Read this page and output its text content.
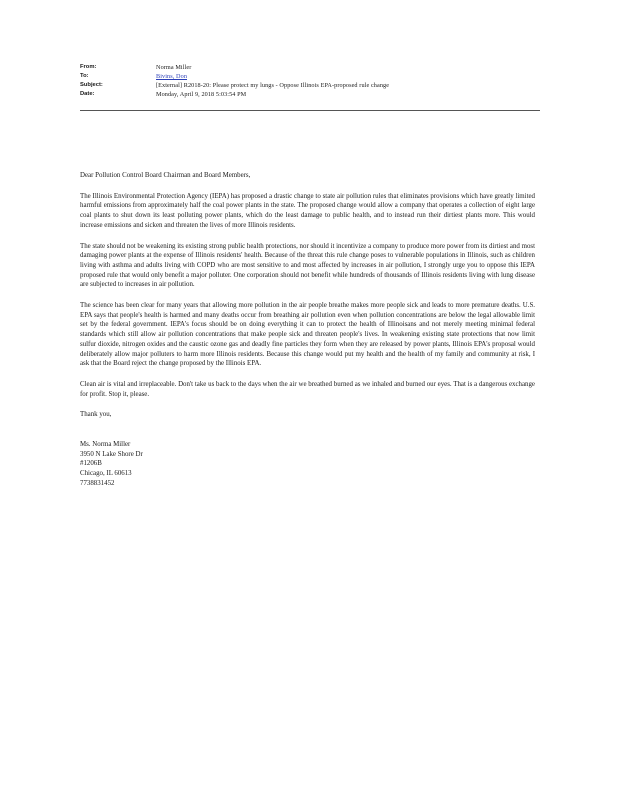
From:	Norma Miller
To:	Bivins, Don
Subject:	[External] R2018-20: Please protect my lungs - Oppose Illinois EPA-proposed rule change
Date:	Monday, April 9, 2018 5:03:54 PM

Dear Pollution Control Board Chairman and Board Members,

The Illinois Environmental Protection Agency (IEPA) has proposed a drastic change to state air pollution rules that eliminates provisions which have greatly limited harmful emissions from approximately half the coal power plants in the state. The proposed change would allow a company that operates a collection of eight large coal plants to shut down its least polluting power plants, which do the least damage to public health, and to instead run their dirtiest plants more. This would increase emissions and sicken and threaten the lives of more Illinois residents.

The state should not be weakening its existing strong public health protections, nor should it incentivize a company to produce more power from its dirtiest and most damaging power plants at the expense of Illinois residents' health. Because of the threat this rule change poses to vulnerable populations in Illinois, such as children living with asthma and adults living with COPD who are most sensitive to and most affected by increases in air pollution, I strongly urge you to oppose this IEPA proposed rule that would only benefit a major polluter. One corporation should not benefit while hundreds of thousands of Illinois residents living with lung disease are subjected to increases in air pollution.

The science has been clear for many years that allowing more pollution in the air people breathe makes more people sick and leads to more premature deaths. U.S. EPA says that people's health is harmed and many deaths occur from breathing air pollution even when pollution concentrations are below the legal allowable limit set by the federal government. IEPA's focus should be on doing everything it can to protect the health of Illinoisans and not merely meeting minimal federal standards which still allow air pollution concentrations that make people sick and threaten people's lives. In weakening existing state protections that now limit sulfur dioxide, nitrogen oxides and the caustic ozone gas and deadly fine particles they form when they are released by power plants, Illinois EPA's proposal would deliberately allow major polluters to harm more Illinois residents. Because this change would put my health and the health of my family and community at risk, I ask that the Board reject the change proposed by the Illinois EPA.

Clean air is vital and irreplaceable. Don't take us back to the days when the air we breathed burned as we inhaled and burned our eyes. That is a dangerous exchange for profit. Stop it, please.

Thank you,

Ms. Norma Miller
3950 N Lake Shore Dr
#1206B
Chicago, IL 60613
7738831452
